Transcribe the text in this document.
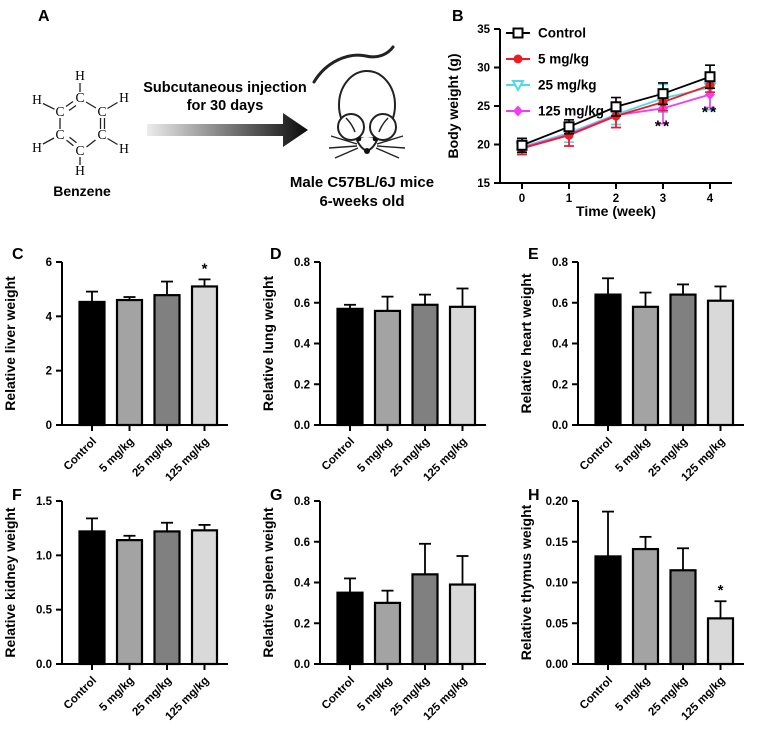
A
C
C C
C C
C
H
H	H
H	H
H
Benzene
Subcutaneous injection
for 30 days
Male C57BL/6J mice
6-weeks old
B
15
20
25
30
35
0	1	2	3	4
Time (week)
Body weight (g)
Control
5 mg/kg
25 mg/kg
125 mg/kg
**
**
C
0
2
4
6
Relative liver weight
Control
5 mg/kg
25 mg/kg
*
125 mg/kg
D
0.0
0.2
0.4
0.6
0.8
Relative lung weight
Control
5 mg/kg
25 mg/kg
125 mg/kg
E
0.0
0.2
0.4
0.6
0.8
Relative heart weight
Control
5 mg/kg
25 mg/kg
125 mg/kg
F
0.0
0.5
1.0
1.5
Relative kidney weight
Control
5 mg/kg
25 mg/kg
125 mg/kg
G
0.0
0.2
0.4
0.6
0.8
Relative spleen weight
Control
5 mg/kg
25 mg/kg
125 mg/kg
H
0.00
0.05
0.10
0.15
0.20
Relative thymus weight
Control
5 mg/kg
25 mg/kg
*
125 mg/kg
